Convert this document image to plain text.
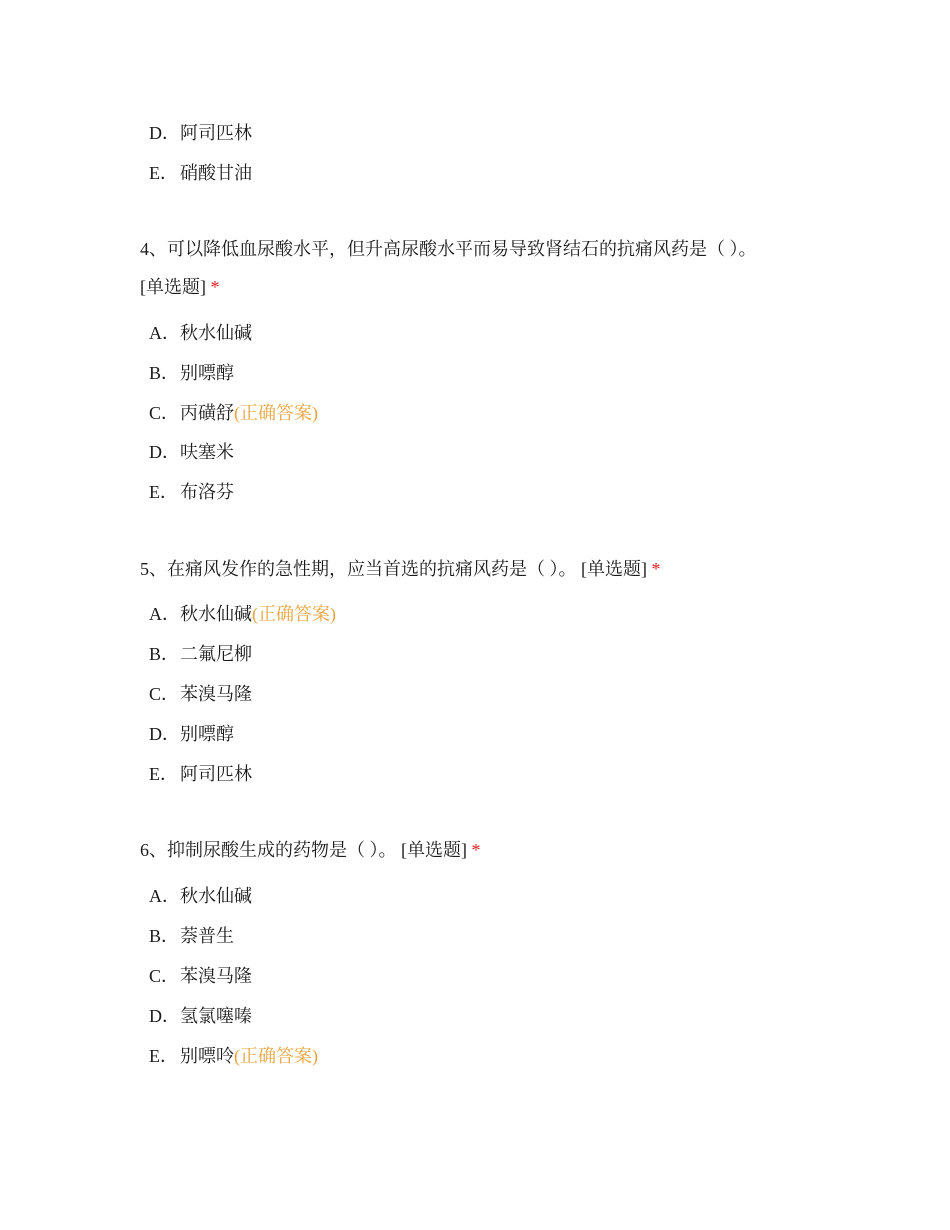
D．阿司匹林
E． 硝酸甘油
4、可以降低血尿酸水平，但升高尿酸水平而易导致肾结石的抗痛风药是（ ）。
[单选题] *
A．秋水仙碱
B．别嘌醇
C．丙磺舒(正确答案)
D．呋塞米
E． 布洛芬
5、在痛风发作的急性期，应当首选的抗痛风药是（ ）。 [单选题] *
A．秋水仙碱(正确答案)
B．二氟尼柳
C．苯溴马隆
D．别嘌醇
E． 阿司匹林
6、抑制尿酸生成的药物是（ ）。 [单选题] *
A．秋水仙碱
B．萘普生
C．苯溴马隆
D．氢氯噻嗪
E． 别嘌呤(正确答案)
